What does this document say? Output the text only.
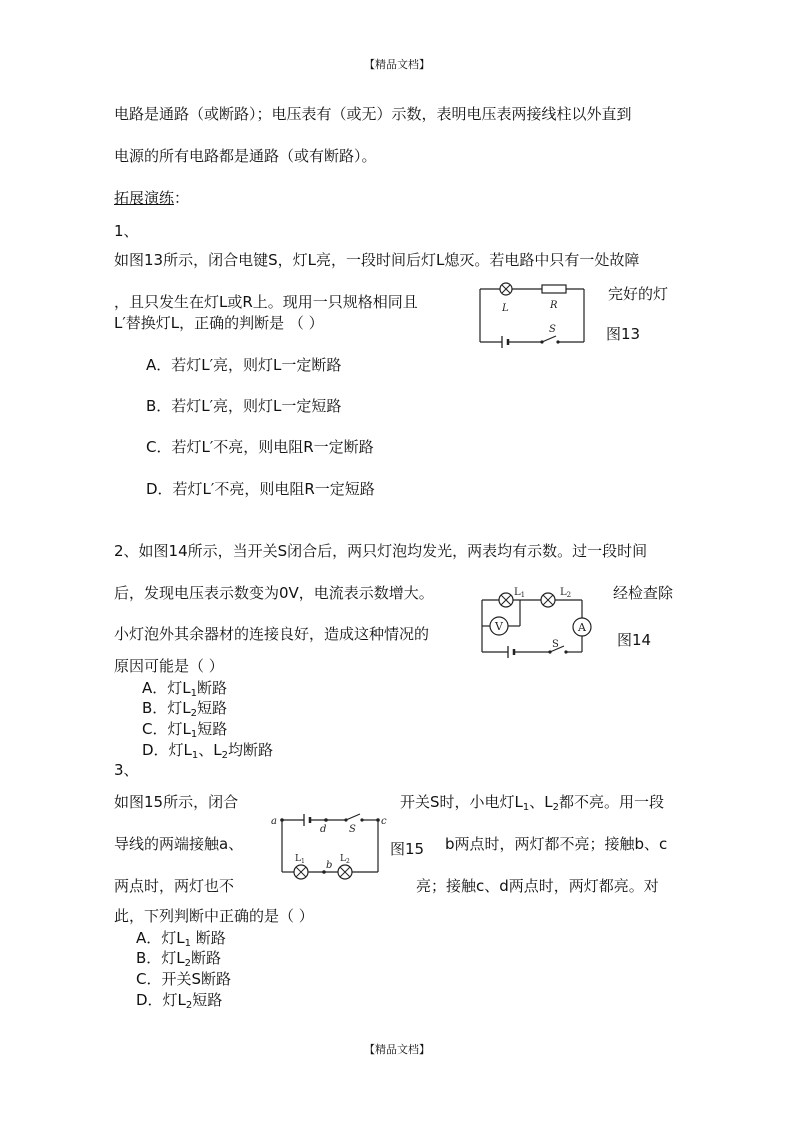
【精品文档】
电路是通路（或断路）；电压表有（或无）示数，表明电压表两接线柱以外直到
电源的所有电路都是通路（或有断路）。
拓展演练：
1、
如图13所示，闭合电键S，灯L亮，一段时间后灯L熄灭。若电路中只有一处故障
，且只发生在灯L或R上。现用一只规格相同且	完好的灯
L′替换灯L，正确的判断是 （ ）
图13
L	R
S
A．若灯L′亮，则灯L一定断路
B．若灯L′亮，则灯L一定短路
C．若灯L′不亮，则电阻R一定断路
D．若灯L′不亮，则电阻R一定短路
2、如图14所示，当开关S闭合后，两只灯泡均发光，两表均有示数。过一段时间
后，发现电压表示数变为0V，电流表示数增大。	经检查除
小灯泡外其余器材的连接良好，造成这种情况的	图14
原因可能是（ ）
V	A
$L_1$	$L_2$
S
A．灯$L_1$断路
B．灯$L_2$短路
C．灯$L_1$短路
D．灯$L_1$、$L_2$均断路
3、
如图15所示，闭合	开关S时，小电灯$L_1$、$L_2$都不亮。用一段
导线的两端接触a、	图15 b两点时，两灯都不亮；接触b、c
两点时，两灯也不	亮；接触c、d两点时，两灯都亮。对
此，下列判断中正确的是（ ）
a
d S
c
b
$L_1$	$L_2$
A．灯$L_1$ 断路
B．灯$L_2$断路
C．开关S断路
D．灯$L_2$短路
【精品文档】
